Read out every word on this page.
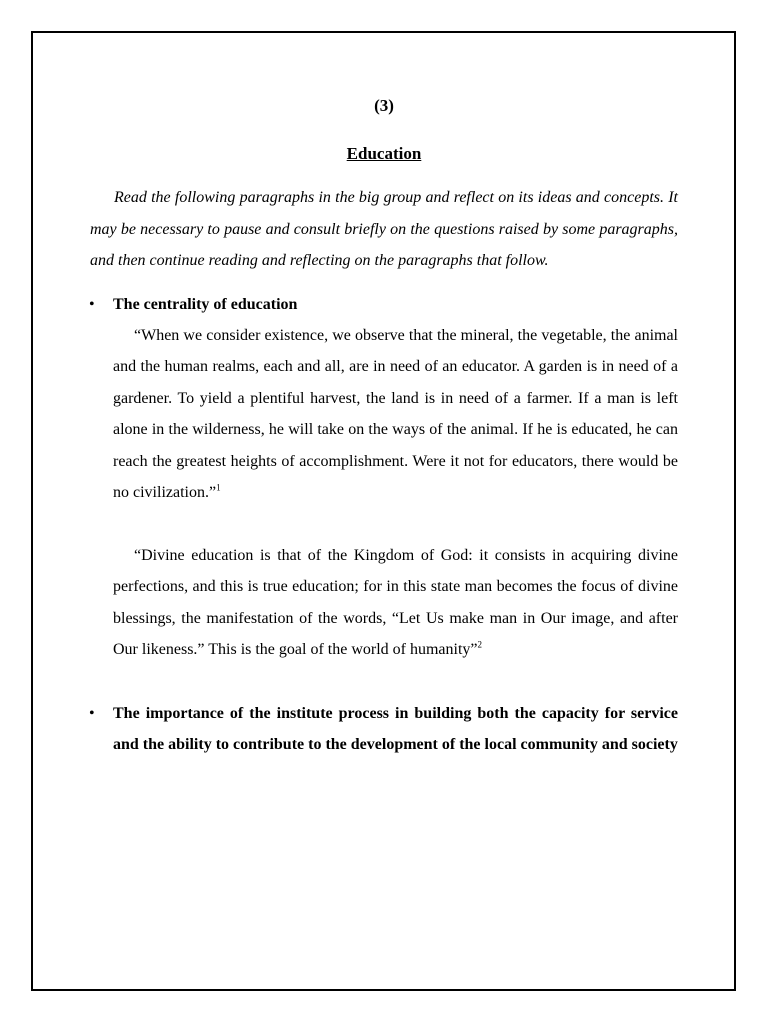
(3)

Education

Read the following paragraphs in the big group and reflect on its ideas and concepts. It may be necessary to pause and consult briefly on the questions raised by some paragraphs, and then continue reading and reflecting on the paragraphs that follow.

• The centrality of education

“When we consider existence, we observe that the mineral, the vegetable, the animal and the human realms, each and all, are in need of an educator. A garden is in need of a gardener. To yield a plentiful harvest, the land is in need of a farmer. If a man is left alone in the wilderness, he will take on the ways of the animal. If he is educated, he can reach the greatest heights of accomplishment. Were it not for educators, there would be no civilization.”$^1$

“Divine education is that of the Kingdom of God: it consists in acquiring divine perfections, and this is true education; for in this state man becomes the focus of divine blessings, the manifestation of the words, “Let Us make man in Our image, and after Our likeness.” This is the goal of the world of humanity”$^2$

• The importance of the institute process in building both the capacity for service and the ability to contribute to the development of the local community and society
